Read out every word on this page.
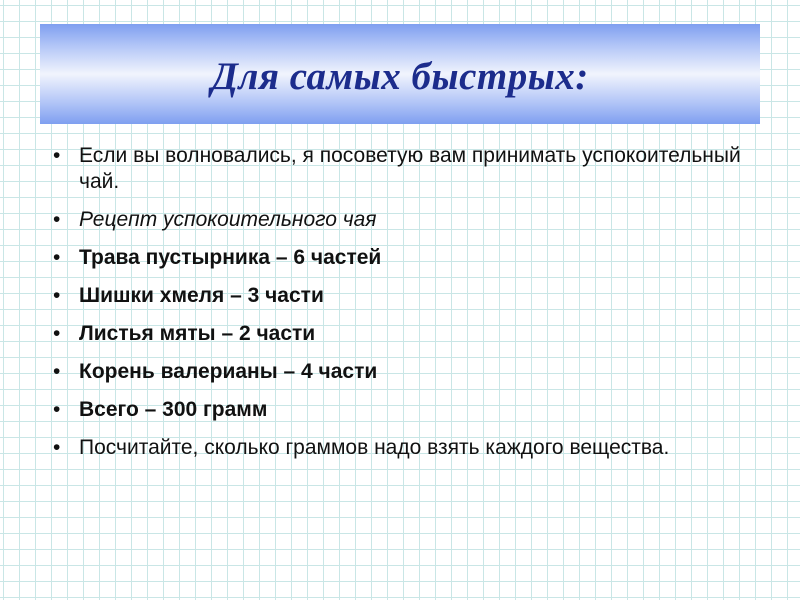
Для самых быстрых:
• Если вы волновались, я посоветую вам принимать успокоительный чай.
• Рецепт успокоительного чая
• Трава пустырника – 6 частей
• Шишки хмеля – 3 части
• Листья мяты – 2 части
• Корень валерианы – 4 части
• Всего – 300 грамм
• Посчитайте, сколько граммов надо взять каждого вещества.
